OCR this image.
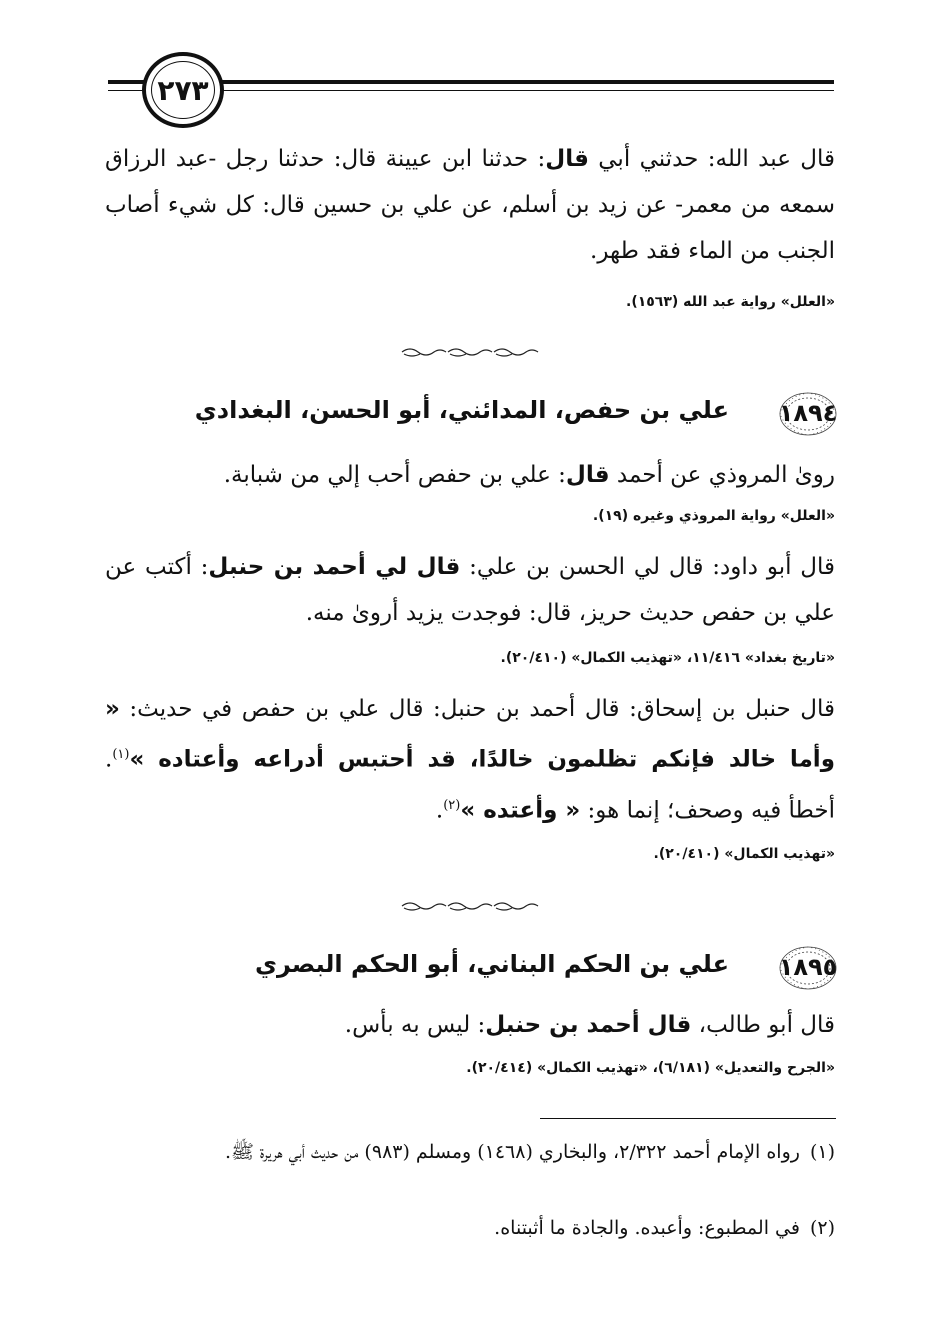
٢٧٣
قال عبد الله: حدثني أبي قال: حدثنا ابن عيينة قال: حدثنا رجل -عبد الرزاق سمعه من معمر- عن زيد بن أسلم، عن علي بن حسين قال: كل شيء أصاب الجنب من الماء فقد طهر.
«العلل» رواية عبد الله (١٥٦٣).
١٨٩٤
علي بن حفص، المدائني، أبو الحسن، البغدادي
روىٰ المروذي عن أحمد قال: علي بن حفص أحب إلي من شبابة.
«العلل» رواية المروذي وغيره (١٩).
قال أبو داود: قال لي الحسن بن علي: قال لي أحمد بن حنبل: أكتب عن علي بن حفص حديث حريز، قال: فوجدت يزيد أروىٰ منه.
«تاريخ بغداد» ١١/٤١٦، «تهذيب الكمال» (٢٠/٤١٠).
قال حنبل بن إسحاق: قال أحمد بن حنبل: قال علي بن حفص في حديث: « وأما خالد فإنكم تظلمون خالدًا، قد أحتبس أدراعه وأعتاده »$^{(١)}$. أخطأ فيه وصحف؛ إنما هو: « وأعتده »$^{(٢)}$.
«تهذيب الكمال» (٢٠/٤١٠).
١٨٩٥
علي بن الحكم البناني، أبو الحكم البصري
قال أبو طالب، قال أحمد بن حنبل: ليس به بأس.
«الجرح والتعديل» (٦/١٨١)، «تهذيب الكمال» (٢٠/٤١٤).
(١)رواه الإمام أحمد ٢/٣٢٢، والبخاري (١٤٦٨) ومسلم (٩٨٣) من حديث أبي هريرة ﷺ.
(٢)في المطبوع: وأعبده. والجادة ما أثبتناه.
